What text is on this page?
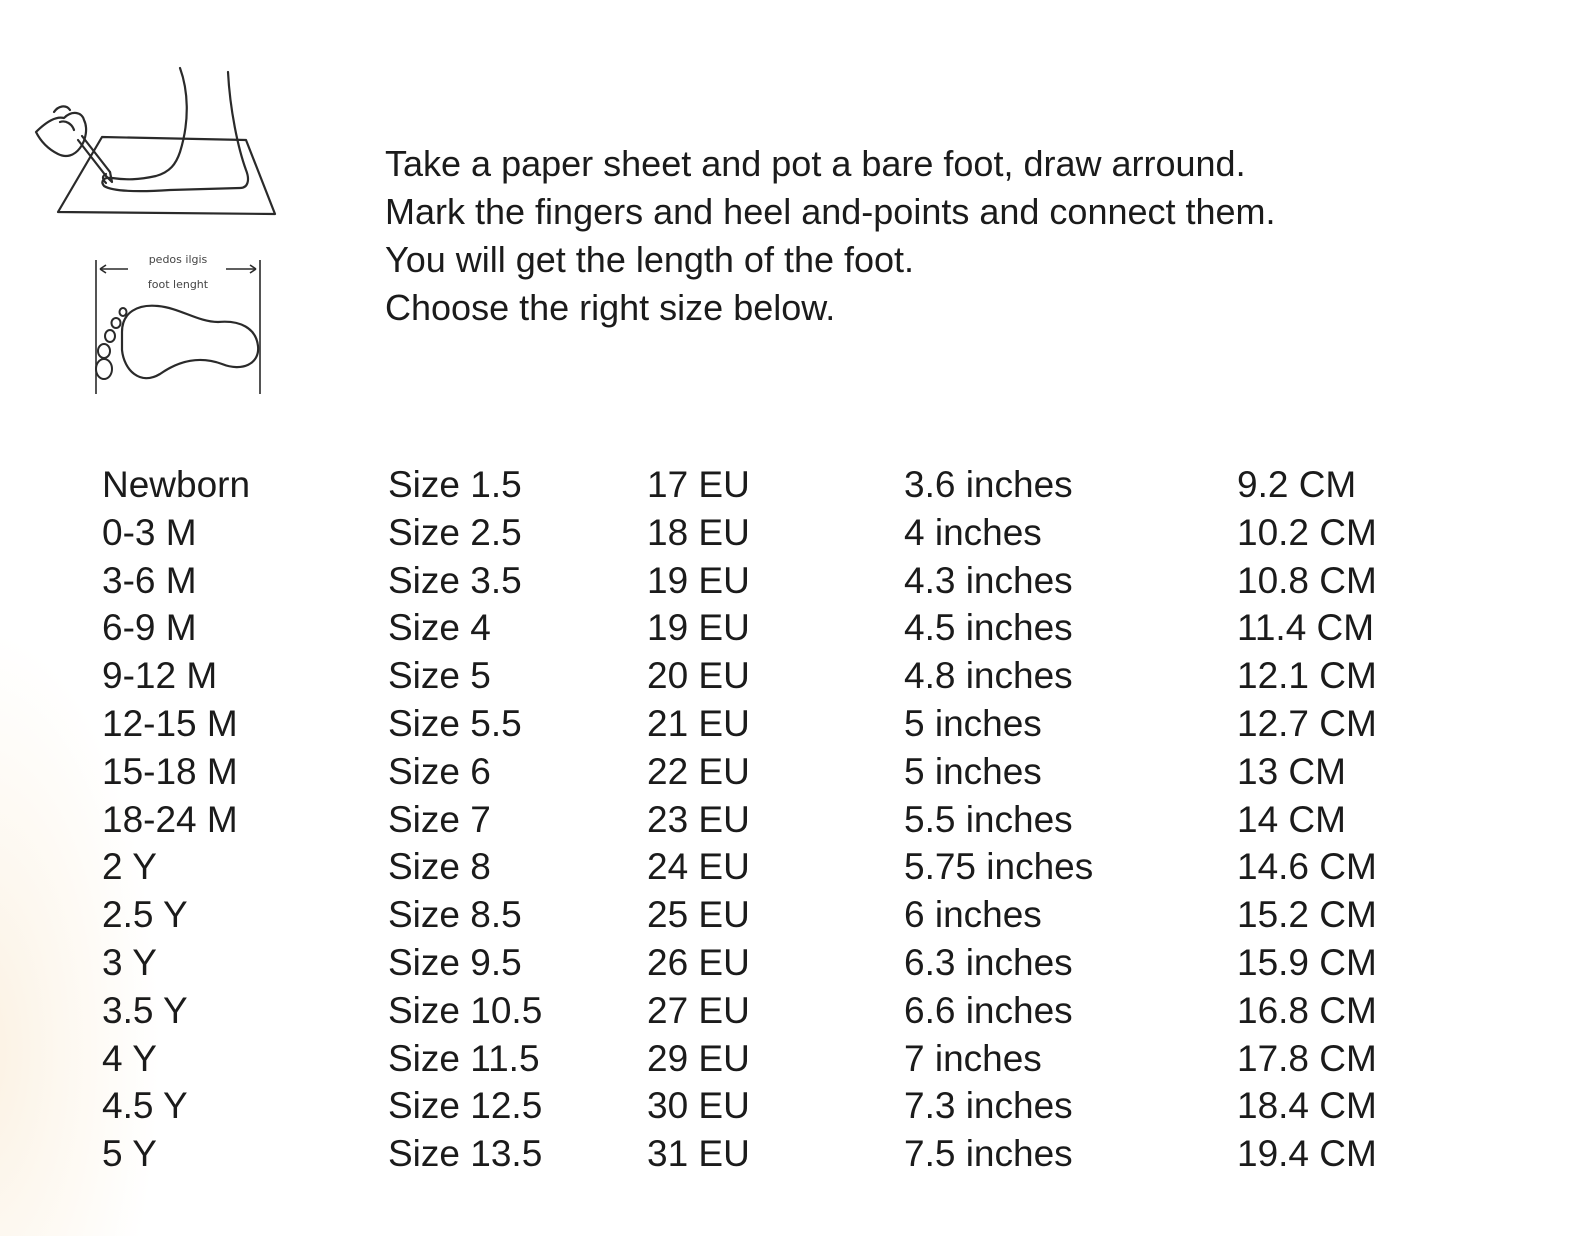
pedos ilgis
foot lenght
Take a paper sheet and pot a bare foot, draw arround.
Mark the fingers and heel and-points and connect them.
You will get the length of the foot.
Choose the right size below.
Newborn	Size 1.5	17 EU	3.6 inches	9.2 CM
0-3 M	Size 2.5	18 EU	4 inches	10.2 CM
3-6 M	Size 3.5	19 EU	4.3 inches	10.8 CM
6-9 M	Size 4	19 EU	4.5 inches	11.4 CM
9-12 M	Size 5	20 EU	4.8 inches	12.1 CM
12-15 M	Size 5.5	21 EU	5 inches	12.7 CM
15-18 M	Size 6	22 EU	5 inches	13 CM
18-24 M	Size 7	23 EU	5.5 inches	14 CM
2 Y	Size 8	24 EU	5.75 inches	14.6 CM
2.5 Y	Size 8.5	25 EU	6 inches	15.2 CM
3 Y	Size 9.5	26 EU	6.3 inches	15.9 CM
3.5 Y	Size 10.5	27 EU	6.6 inches	16.8 CM
4 Y	Size 11.5	29 EU	7 inches	17.8 CM
4.5 Y	Size 12.5	30 EU	7.3 inches	18.4 CM
5 Y	Size 13.5	31 EU	7.5 inches	19.4 CM
